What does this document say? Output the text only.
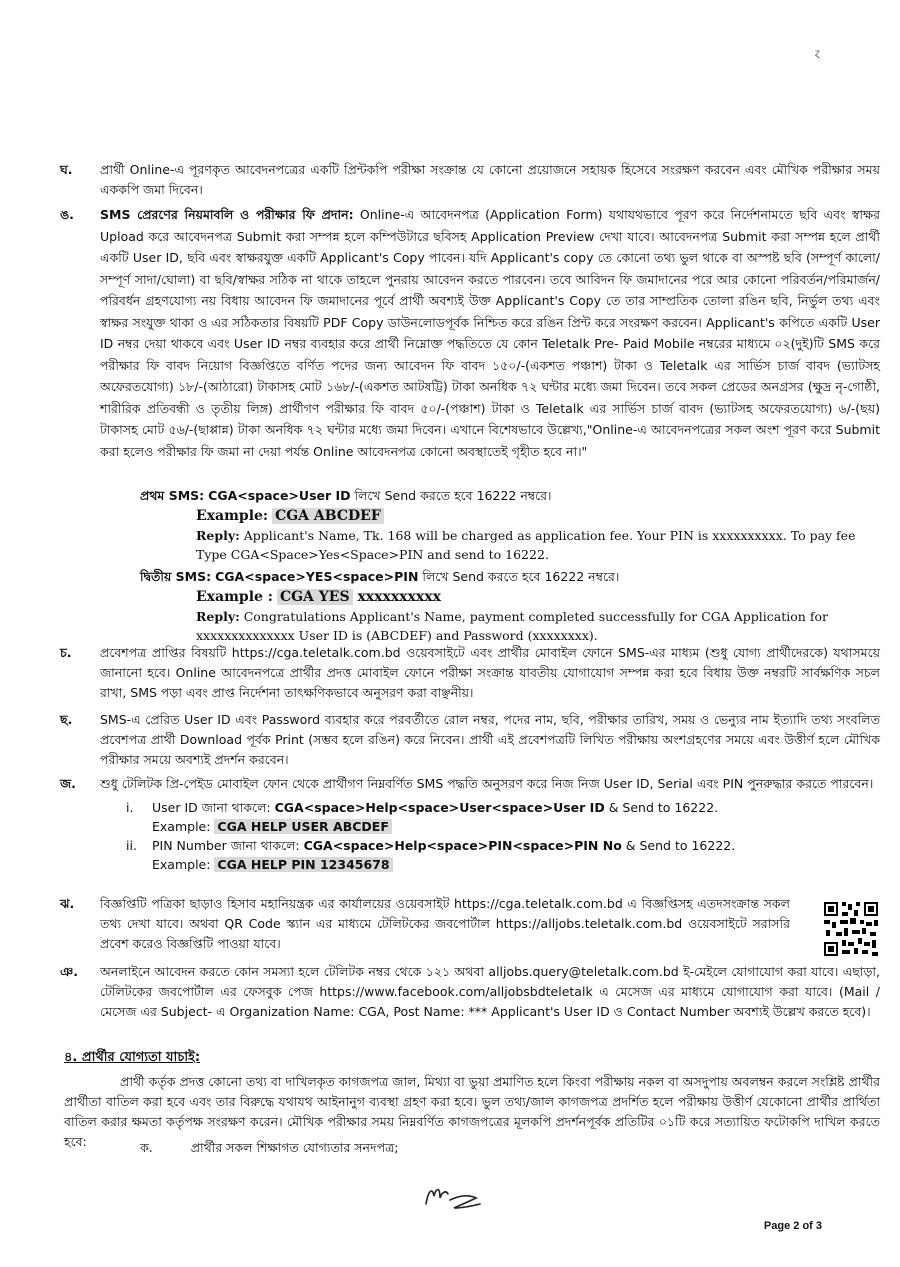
ɀ
ঘ. প্রার্থী Online-এ পূরণকৃত আবেদনপত্রের একটি প্রিন্টকপি পরীক্ষা সংক্রান্ত যে কোনো প্রয়োজনে সহায়ক হিসেবে সংরক্ষণ করবেন এবং মৌখিক পরীক্ষার সময় এককপি জমা দিবেন।

ঙ. SMS প্রেরণের নিয়মাবলি ও পরীক্ষার ফি প্রদান: Online-এ আবেদনপত্র (Application Form) যথাযথভাবে পূরণ করে নির্দেশনামতে ছবি এবং স্বাক্ষর Upload করে আবেদনপত্র Submit করা সম্পন্ন হলে কম্পিউটারে ছবিসহ Application Preview দেখা যাবে। আবেদনপত্র Submit করা সম্পন্ন হলে প্রার্থী একটি User ID, ছবি এবং স্বাক্ষরযুক্ত একটি Applicant's Copy পাবেন। যদি Applicant's copy তে কোনো তথ্য ভুল থাকে বা অস্পষ্ট ছবি (সম্পূর্ণ কালো/সম্পূর্ণ সাদা/ঘোলা) বা ছবি/স্বাক্ষর সঠিক না থাকে তাহলে পুনরায় আবেদন করতে পারবেন। তবে আবিদন ফি জমাদানের পরে আর কোনো পরিবর্তন/পরিমার্জন/পরিবর্ধন গ্রহণযোগ্য নয় বিধায় আবেদন ফি জমাদানের পূর্বে প্রার্থী অবশ্যই উক্ত Applicant's Copy তে তার সাম্প্রতিক তোলা রঙিন ছবি, নির্ভুল তথ্য এবং স্বাক্ষর সংযুক্ত থাকা ও এর সঠিকতার বিষয়টি PDF Copy ডাউনলোডপূর্বক নিশ্চিত করে রঙিন প্রিন্ট করে সংরক্ষণ করবেন। Applicant's কপিতে একটি User ID নম্বর দেয়া থাকবে এবং User ID নম্বর ব্যবহার করে প্রার্থী নিম্নোক্ত পদ্ধতিতে যে কোন Teletalk Pre- Paid Mobile নম্বরের মাধ্যমে ০২(দুই)টি SMS করে পরীক্ষার ফি বাবদ নিয়োগ বিজ্ঞপ্তিতে বর্ণিত পদের জন্য আবেদন ফি বাবদ ১৫০/-(একশত পঞ্চাশ) টাকা ও Teletalk এর সার্ভিস চার্জ বাবদ (ভ্যাটসহ অফেরতযোগ্য) ১৮/-(আঠারো) টাকাসহ মোট ১৬৮/-(একশত আটষট্টি) টাকা অনধিক ৭২ ঘন্টার মধ্যে জমা দিবেন। তবে সকল প্রেডের অনগ্রসর (ক্ষুদ্র নৃ-গোষ্ঠী, শারীরিক প্রতিবন্ধী ও তৃতীয় লিঙ্গ) প্রার্থীগণ পরীক্ষার ফি বাবদ ৫০/-(পঞ্চাশ) টাকা ও Teletalk এর সার্ভিস চার্জ বাবদ (ভ্যাটসহ অফেরতযোগ্য) ৬/-(ছয়) টাকাসহ মোট ৫৬/-(ছাপ্পান্ন) টাকা অনধিক ৭২ ঘন্টার মধ্যে জমা দিবেন। এখানে বিশেষভাবে উল্লেখ্য,"Online-এ আবেদনপত্রের সকল অংশ পূরণ করে Submit করা হলেও পরীক্ষার ফি জমা না দেয়া পর্যন্ত Online আবেদনপত্র কোনো অবস্থাতেই গৃহীত হবে না।"

প্রথম SMS: CGA<space>User ID লিখে Send করতে হবে 16222 নম্বরে।
Example: CGA ABCDEF
Reply: Applicant's Name, Tk. 168 will be charged as application fee. Your PIN is xxxxxxxxxx. To pay fee Type CGA<Space>Yes<Space>PIN and send to 16222.
দ্বিতীয় SMS: CGA<space>YES<space>PIN লিখে Send করতে হবে 16222 নম্বরে।
Example : CGA YES xxxxxxxxxx
Reply: Congratulations Applicant's Name, payment completed successfully for CGA Application for xxxxxxxxxxxxxx User ID is (ABCDEF) and Password (xxxxxxxx).
চ. প্রবেশপত্র প্রাপ্তির বিষয়টি https://cga.teletalk.com.bd ওয়েবসাইটে এবং প্রার্থীর মোবাইল ফোনে SMS-এর মাধ্যম (শুধু যোগ্য প্রার্থীদেরকে) যথাসময়ে জানানো হবে। Online আবেদনপত্রে প্রার্থীর প্রদত্ত মোবাইল ফোনে পরীক্ষা সংক্রান্ত যাবতীয় যোগাযোগ সম্পন্ন করা হবে বিধায় উক্ত নম্বরটি সার্বক্ষণিক সচল রাখা, SMS পড়া এবং প্রাপ্ত নির্দেশনা তাৎক্ষণিকভাবে অনুসরণ করা বাঞ্ছনীয়।

ছ. SMS-এ প্রেরিত User ID এবং Password ব্যবহার করে পরবর্তীতে রোল নম্বর, পদের নাম, ছবি, পরীক্ষার তারিখ, সময় ও ভেন্যুর নাম ইত্যাদি তথ্য সংবলিত প্রবেশপত্র প্রার্থী Download পূর্বক Print (সম্ভব হলে রঙিন) করে নিবেন। প্রার্থী এই প্রবেশপত্রটি লিখিত পরীক্ষায় অংশগ্রহণের সময়ে এবং উত্তীর্ণ হলে মৌখিক পরীক্ষার সময়ে অবশ্যই প্রদর্শন করবেন।

জ. শুধু টেলিটক প্রি-পেইড মোবাইল ফোন থেকে প্রার্থীগণ নিম্নবর্ণিত SMS পদ্ধতি অনুসরণ করে নিজ নিজ User ID, Serial এবং PIN পুনরুদ্ধার করতে পারবেন।

i. User ID জানা থাকলে: CGA<space>Help<space>User<space>User ID & Send to 16222.
Example: CGA HELP USER ABCDEF
ii. PIN Number জানা থাকলে: CGA<space>Help<space>PIN<space>PIN No & Send to 16222.
Example: CGA HELP PIN 12345678
ঝ. বিজ্ঞপ্তিটি পত্রিকা ছাড়াও হিসাব মহানিয়ন্ত্রক এর কার্যালয়ের ওয়েবসাইট https://cga.teletalk.com.bd এ বিজ্ঞপ্তিসহ এতদসংক্রান্ত সকল তথ্য দেখা যাবে। অথবা QR Code স্ক্যান এর মাধ্যমে টেলিটকের জবপোর্টাল https://alljobs.teletalk.com.bd ওয়েবসাইটে সরাসরি প্রবেশ করেও বিজ্ঞপ্তিটি পাওয়া যাবে।

ঞ. অনলাইনে আবেদন করতে কোন সমস্যা হলে টেলিটক নম্বর থেকে ১২১ অথবা alljobs.query@teletalk.com.bd ই-মেইলে যোগাযোগ করা যাবে। এছাড়া, টেলিটকের জবপোর্টাল এর ফেসবুক পেজ https://www.facebook.com/alljobsbdteletalk এ মেসেজ এর মাধ্যমে যোগাযোগ করা যাবে। (Mail / মেসেজ এর Subject- এ Organization Name: CGA, Post Name: *** Applicant's User ID ও Contact Number অবশ্যই উল্লেখ করতে হবে)।

৪. প্রার্থীর যোগ্যতা যাচাই:
প্রার্থী কর্তৃক প্রদত্ত কোনো তথ্য বা দাখিলকৃত কাগজপত্র জাল, মিথ্যা বা ভুয়া প্রমাণিত হলে কিংবা পরীক্ষায় নকল বা অসদুপায় অবলম্বন করলে সংশ্লিষ্ট প্রার্থীর প্রার্থীতা বাতিল করা হবে এবং তার বিরুদ্ধে যথাযথ আইনানুগ ব্যবস্থা গ্রহণ করা হবে। ভুল তথ্য/জাল কাগজপত্র প্রদর্শিত হলে পরীক্ষায় উত্তীর্ণ যেকোনো প্রার্থীর প্রার্থিতা বাতিল করার ক্ষমতা কর্তৃপক্ষ সংরক্ষণ করেন। মৌখিক পরীক্ষার সময় নিম্নবর্ণিত কাগজপত্রের মূলকপি প্রদর্শনপূর্বক প্রতিটির ০১টি করে সত্যায়িত ফটোকপি দাখিল করতে হবে:	ক.	প্রার্থীর সকল শিক্ষাগত যোগ্যতার সনদপত্র;
Page 2 of 3
